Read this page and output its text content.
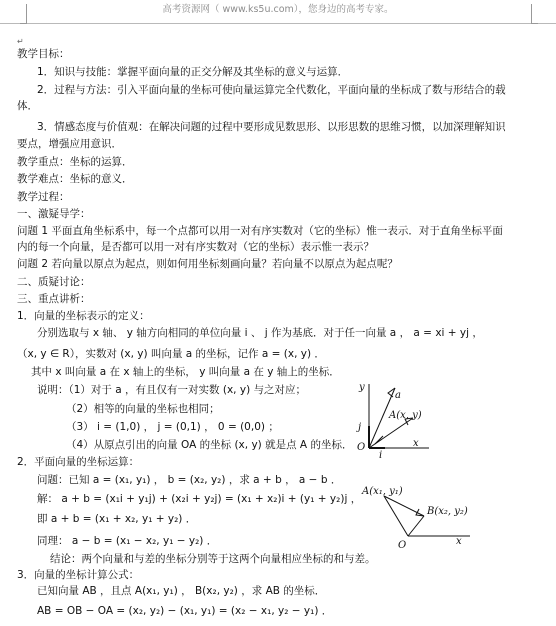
高考资源网（ www.ks5u.com），您身边的高考专家。
↵
教学目标：
1．知识与技能：掌握平面向量的正交分解及其坐标的意义与运算．
2．过程与方法：引入平面向量的坐标可使向量运算完全代数化，平面向量的坐标成了数与形结合的载
体．
3．情感态度与价值观：在解决问题的过程中要形成见数思形、以形思数的思维习惯，以加深理解知识
要点，增强应用意识．
教学重点：坐标的运算．
教学难点：坐标的意义．
教学过程：
一、激疑导学：
问题 1 平面直角坐标系中，每一个点都可以用一对有序实数对（它的坐标）惟一表示．对于直角坐标平面
内的每一个向量，是否都可以用一对有序实数对（它的坐标）表示惟一表示？
问题 2 若向量以原点为起点，则如何用坐标刻画向量？若向量不以原点为起点呢？
二、质疑讨论：
三、重点讲析：
1．向量的坐标表示的定义：
分别选取与 x 轴、 y 轴方向相同的单位向量 i 、 j 作为基底．对于任一向量 a ， a = xi + yj ，
（x, y ∈ R），实数对 (x, y) 叫向量 a 的坐标，记作 a = (x, y) ．
其中 x 叫向量 a 在 x 轴上的坐标， y 叫向量 a 在 y 轴上的坐标．
说明：（1）对于 a ，有且仅有一对实数 (x, y) 与之对应；
（2）相等的向量的坐标也相同；
（3） i = (1,0) ， j = (0,1) ， 0 = (0,0) ；
（4）从原点引出的向量 OA 的坐标 (x, y) 就是点 A 的坐标．
2．平面向量的坐标运算：
问题：已知 a = (x₁, y₁) ， b = (x₂, y₂) ，求 a + b ， a − b ．
解： a + b = (x₁i + y₁j) + (x₂i + y₂j) = (x₁ + x₂)i + (y₁ + y₂)j ，
即 a + b = (x₁ + x₂, y₁ + y₂) ．
同理： a − b = (x₁ − x₂, y₁ − y₂) ．
结论：两个向量和与差的坐标分别等于这两个向量相应坐标的和与差。
3．向量的坐标计算公式：
已知向量 AB ，且点 A(x₁, y₁) ， B(x₂, y₂) ，求 AB 的坐标．
AB = OB − OA = (x₂, y₂) − (x₁, y₁) = (x₂ − x₁, y₂ − y₁) ．
y
a
A(x, y)
j
O
i
x
A(x₁, y₁)
B(x₂, y₂)
O	x
